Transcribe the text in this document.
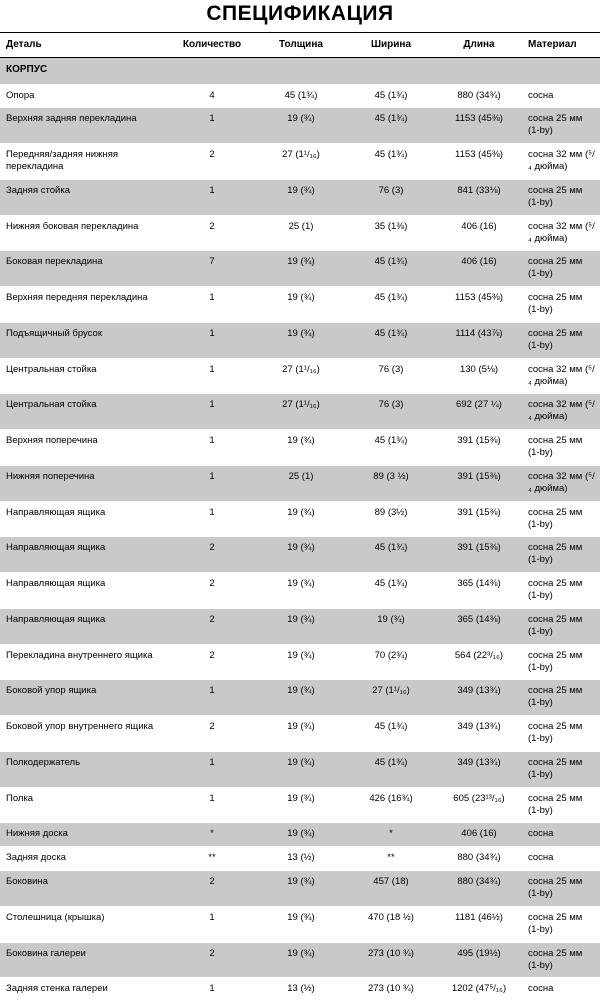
СПЕЦИФИКАЦИЯ
Деталь	Количество	Толщина	Ширина	Длина	Материал
КОРПУС					
Опора	4	45 (1¾)	45 (1¾)	880 (34¾)	сосна
Верхняя задняя перекладина	1	19 (¾)	45 (1¾)	1153 (45⅜)	сосна 25 мм (1-by)
Передняя/задняя нижняя перекладина	2	27 (1¹/₁₆)	45 (1¾)	1153 (45⅜)	сосна 32 мм (⁵/₄ дюйма)
Задняя стойка	1	19 (¾)	76 (3)	841 (33⅛)	сосна 25 мм (1-by)
Нижняя боковая перекладина	2	25 (1)	35 (1⅜)	406 (16)	сосна 32 мм (⁵/₄ дюйма)
Боковая перекладина	7	19 (¾)	45 (1¾)	406 (16)	сосна 25 мм (1-by)
Верхняя передняя перекладина	1	19 (¾)	45 (1¾)	1153 (45⅜)	сосна 25 мм (1-by)
Подъящичный брусок	1	19 (¾)	45 (1¾)	1114 (43⅞)	сосна 25 мм (1-by)
Центральная стойка	1	27 (1¹/₁₆)	76 (3)	130 (5⅛)	сосна 32 мм (⁵/₄ дюйма)
Центральная стойка	1	27 (1¹/₁₆)	76 (3)	692 (27 ¼)	сосна 32 мм (⁵/₄ дюйма)
Верхняя поперечина	1	19 (¾)	45 (1¾)	391 (15⅜)	сосна 25 мм (1-by)
Нижняя поперечина	1	25 (1)	89 (3 ½)	391 (15⅜)	сосна 32 мм (⁵/₄ дюйма)
Направляющая ящика	1	19 (¾)	89 (3½)	391 (15⅜)	сосна 25 мм (1-by)
Направляющая ящика	2	19 (¾)	45 (1¾)	391 (15⅜)	сосна 25 мм (1-by)
Направляющая ящика	2	19 (¾)	45 (1¾)	365 (14⅜)	сосна 25 мм (1-by)
Направляющая ящика	2	19 (¾)	19 (¾)	365 (14⅜)	сосна 25 мм (1-by)
Перекладина внутреннего ящика	2	19 (¾)	70 (2¾)	564 (22³/₁₆)	сосна 25 мм (1-by)
Боковой упор ящика	1	19 (¾)	27 (1¹/₁₆)	349 (13¾)	сосна 25 мм (1-by)
Боковой упор внутреннего ящика	2	19 (¾)	45 (1¾)	349 (13¾)	сосна 25 мм (1-by)
Полкодержатель	1	19 (¾)	45 (1¾)	349 (13¾)	сосна 25 мм (1-by)
Полка	1	19 (¾)	426 (16¾)	605 (23¹³/₁₆)	сосна 25 мм (1-by)
Нижняя доска	*	19 (¾)	*	406 (16)	сосна
Задняя доска	**	13 (½)	**	880 (34¾)	сосна
Боковина	2	19 (¾)	457 (18)	880 (34¾)	сосна 25 мм (1-by)
Столешница (крышка)	1	19 (¾)	470 (18 ½)	1181 (46½)	сосна 25 мм (1-by)
Боковина галереи	2	19 (¾)	273 (10 ¾)	495 (19½)	сосна 25 мм (1-by)
Задняя стенка галереи	1	13 (½)	273 (10 ¾)	1202 (47⁵/₁₆)	сосна
